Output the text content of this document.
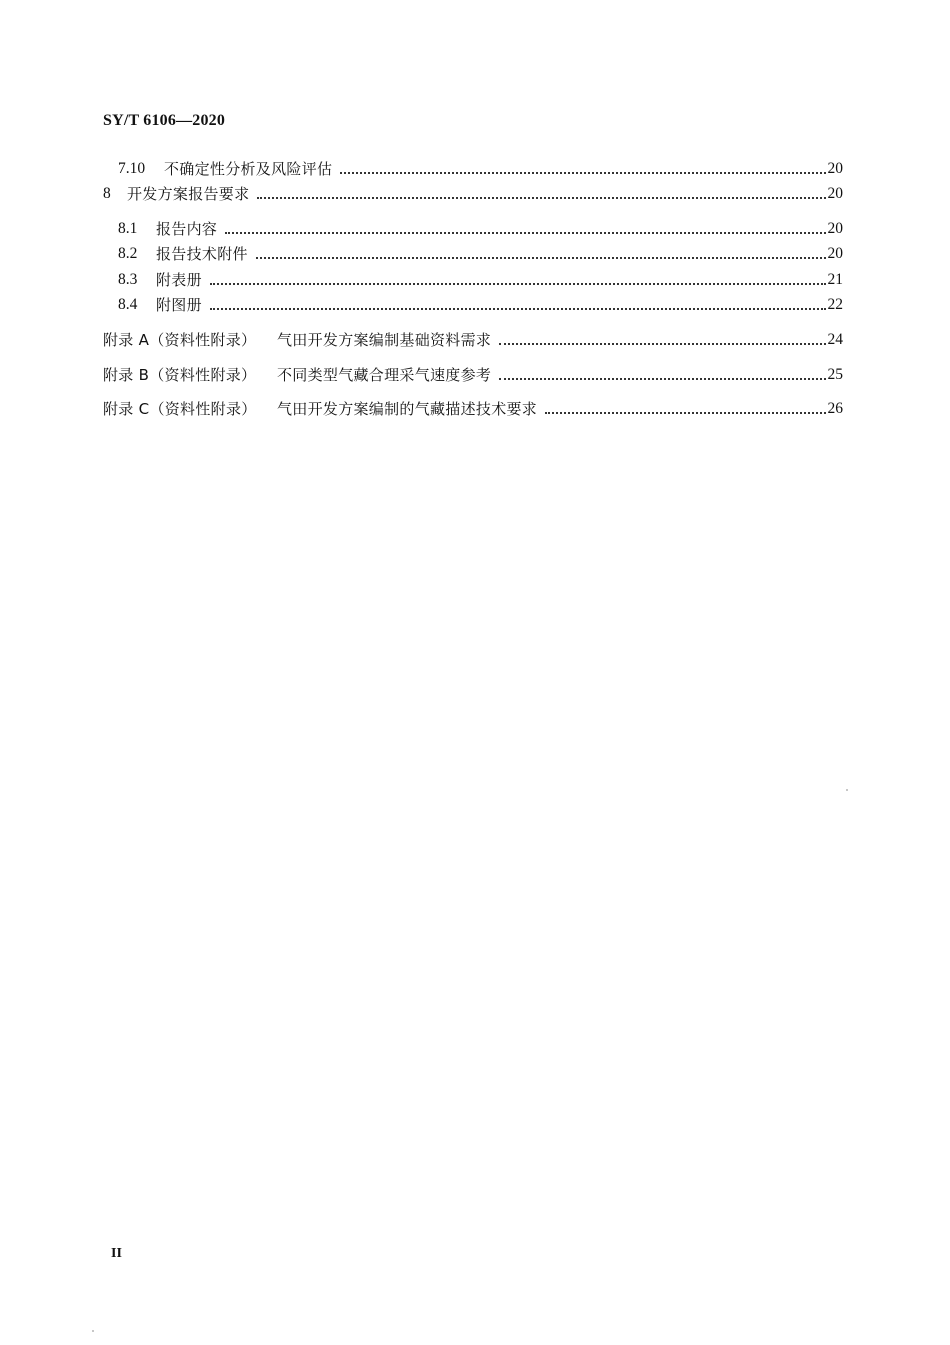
SY/T 6106—2020
7.10	不确定性分析及风险评估	20
8	开发方案报告要求	20
8.1	报告内容	20
8.2	报告技术附件	20
8.3	附表册	21
8.4	附图册	22
附录 A（资料性附录）	气田开发方案编制基础资料需求	24
附录 B（资料性附录）	不同类型气藏合理采气速度参考	25
附录 C（资料性附录）	气田开发方案编制的气藏描述技术要求	26
II
